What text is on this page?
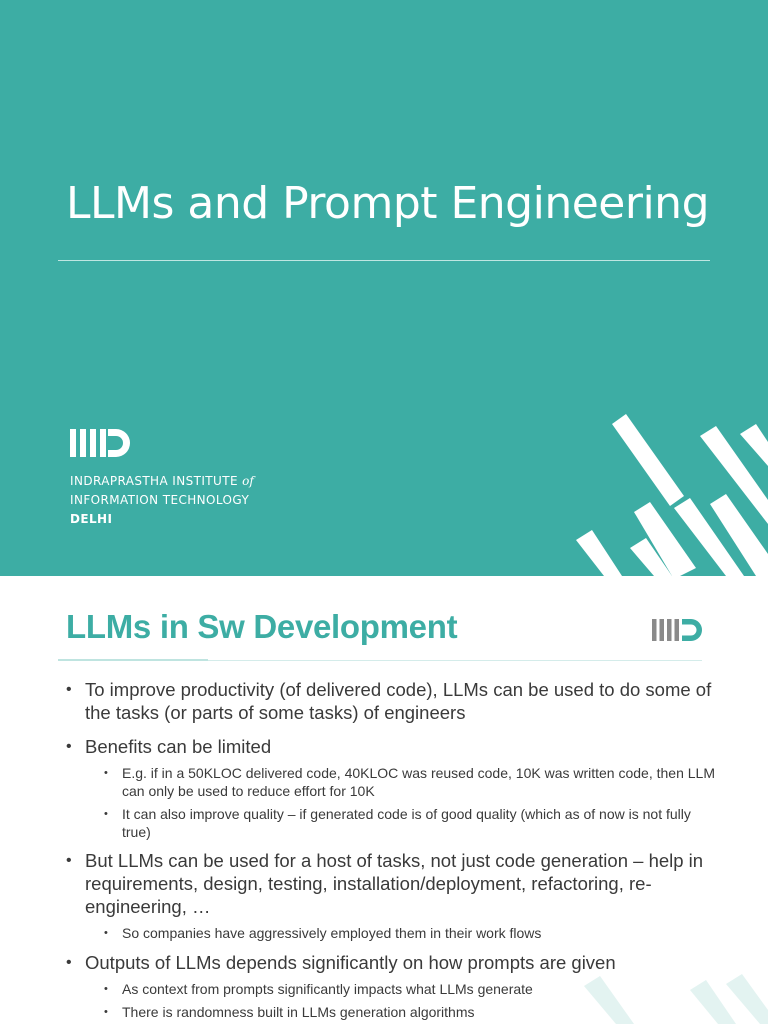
LLMs and Prompt Engineering
INDRAPRASTHA INSTITUTE of
INFORMATION TECHNOLOGY
DELHI
LLMs in Sw Development
• To improve productivity (of delivered code), LLMs can be used to do some of the tasks (or parts of some tasks) of engineers
• Benefits can be limited
• E.g. if in a 50KLOC delivered code, 40KLOC was reused code, 10K was written code, then LLM can only be used to reduce effort for 10K
• It can also improve quality – if generated code is of good quality (which as of now is not fully true)
• But LLMs can be used for a host of tasks, not just code generation – help in requirements, design, testing, installation/deployment, refactoring, re-engineering, …
• So companies have aggressively employed them in their work flows
• Outputs of LLMs depends significantly on how prompts are given
• As context from prompts significantly impacts what LLMs generate
• There is randomness built in LLMs generation algorithms
